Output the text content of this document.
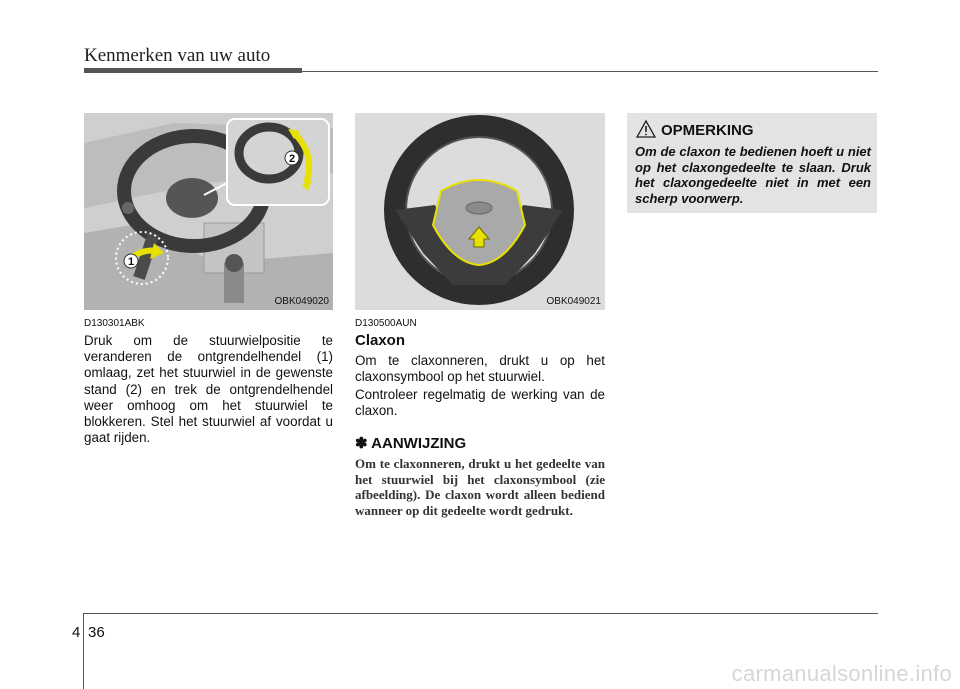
Kenmerken van uw auto
1
2
OBK049020	OBK049021
OPMERKING
Om de claxon te bedienen hoeft u niet op het claxongedeelte te slaan. Druk het claxongedeelte niet in met een scherp voorwerp.
D130301ABK
Druk om de stuurwielpositie te veranderen de ontgrendelhendel (1) omlaag, zet het stuurwiel in de gewenste stand (2) en trek de ontgrendelhendel weer omhoog om het stuurwiel te blokkeren. Stel het stuurwiel af voordat u gaat rijden.
D130500AUN
Claxon
Om te claxonneren, drukt u op het claxonsymbool op het stuurwiel.
Controleer regelmatig de werking van de claxon.
✽ AANWIJZING
Om te claxonneren, drukt u het gedeelte van het stuurwiel bij het claxonsymbool (zie afbeelding). De claxon wordt alleen bediend wanneer op dit gedeelte wordt gedrukt.
4 36
carmanualsonline.info
